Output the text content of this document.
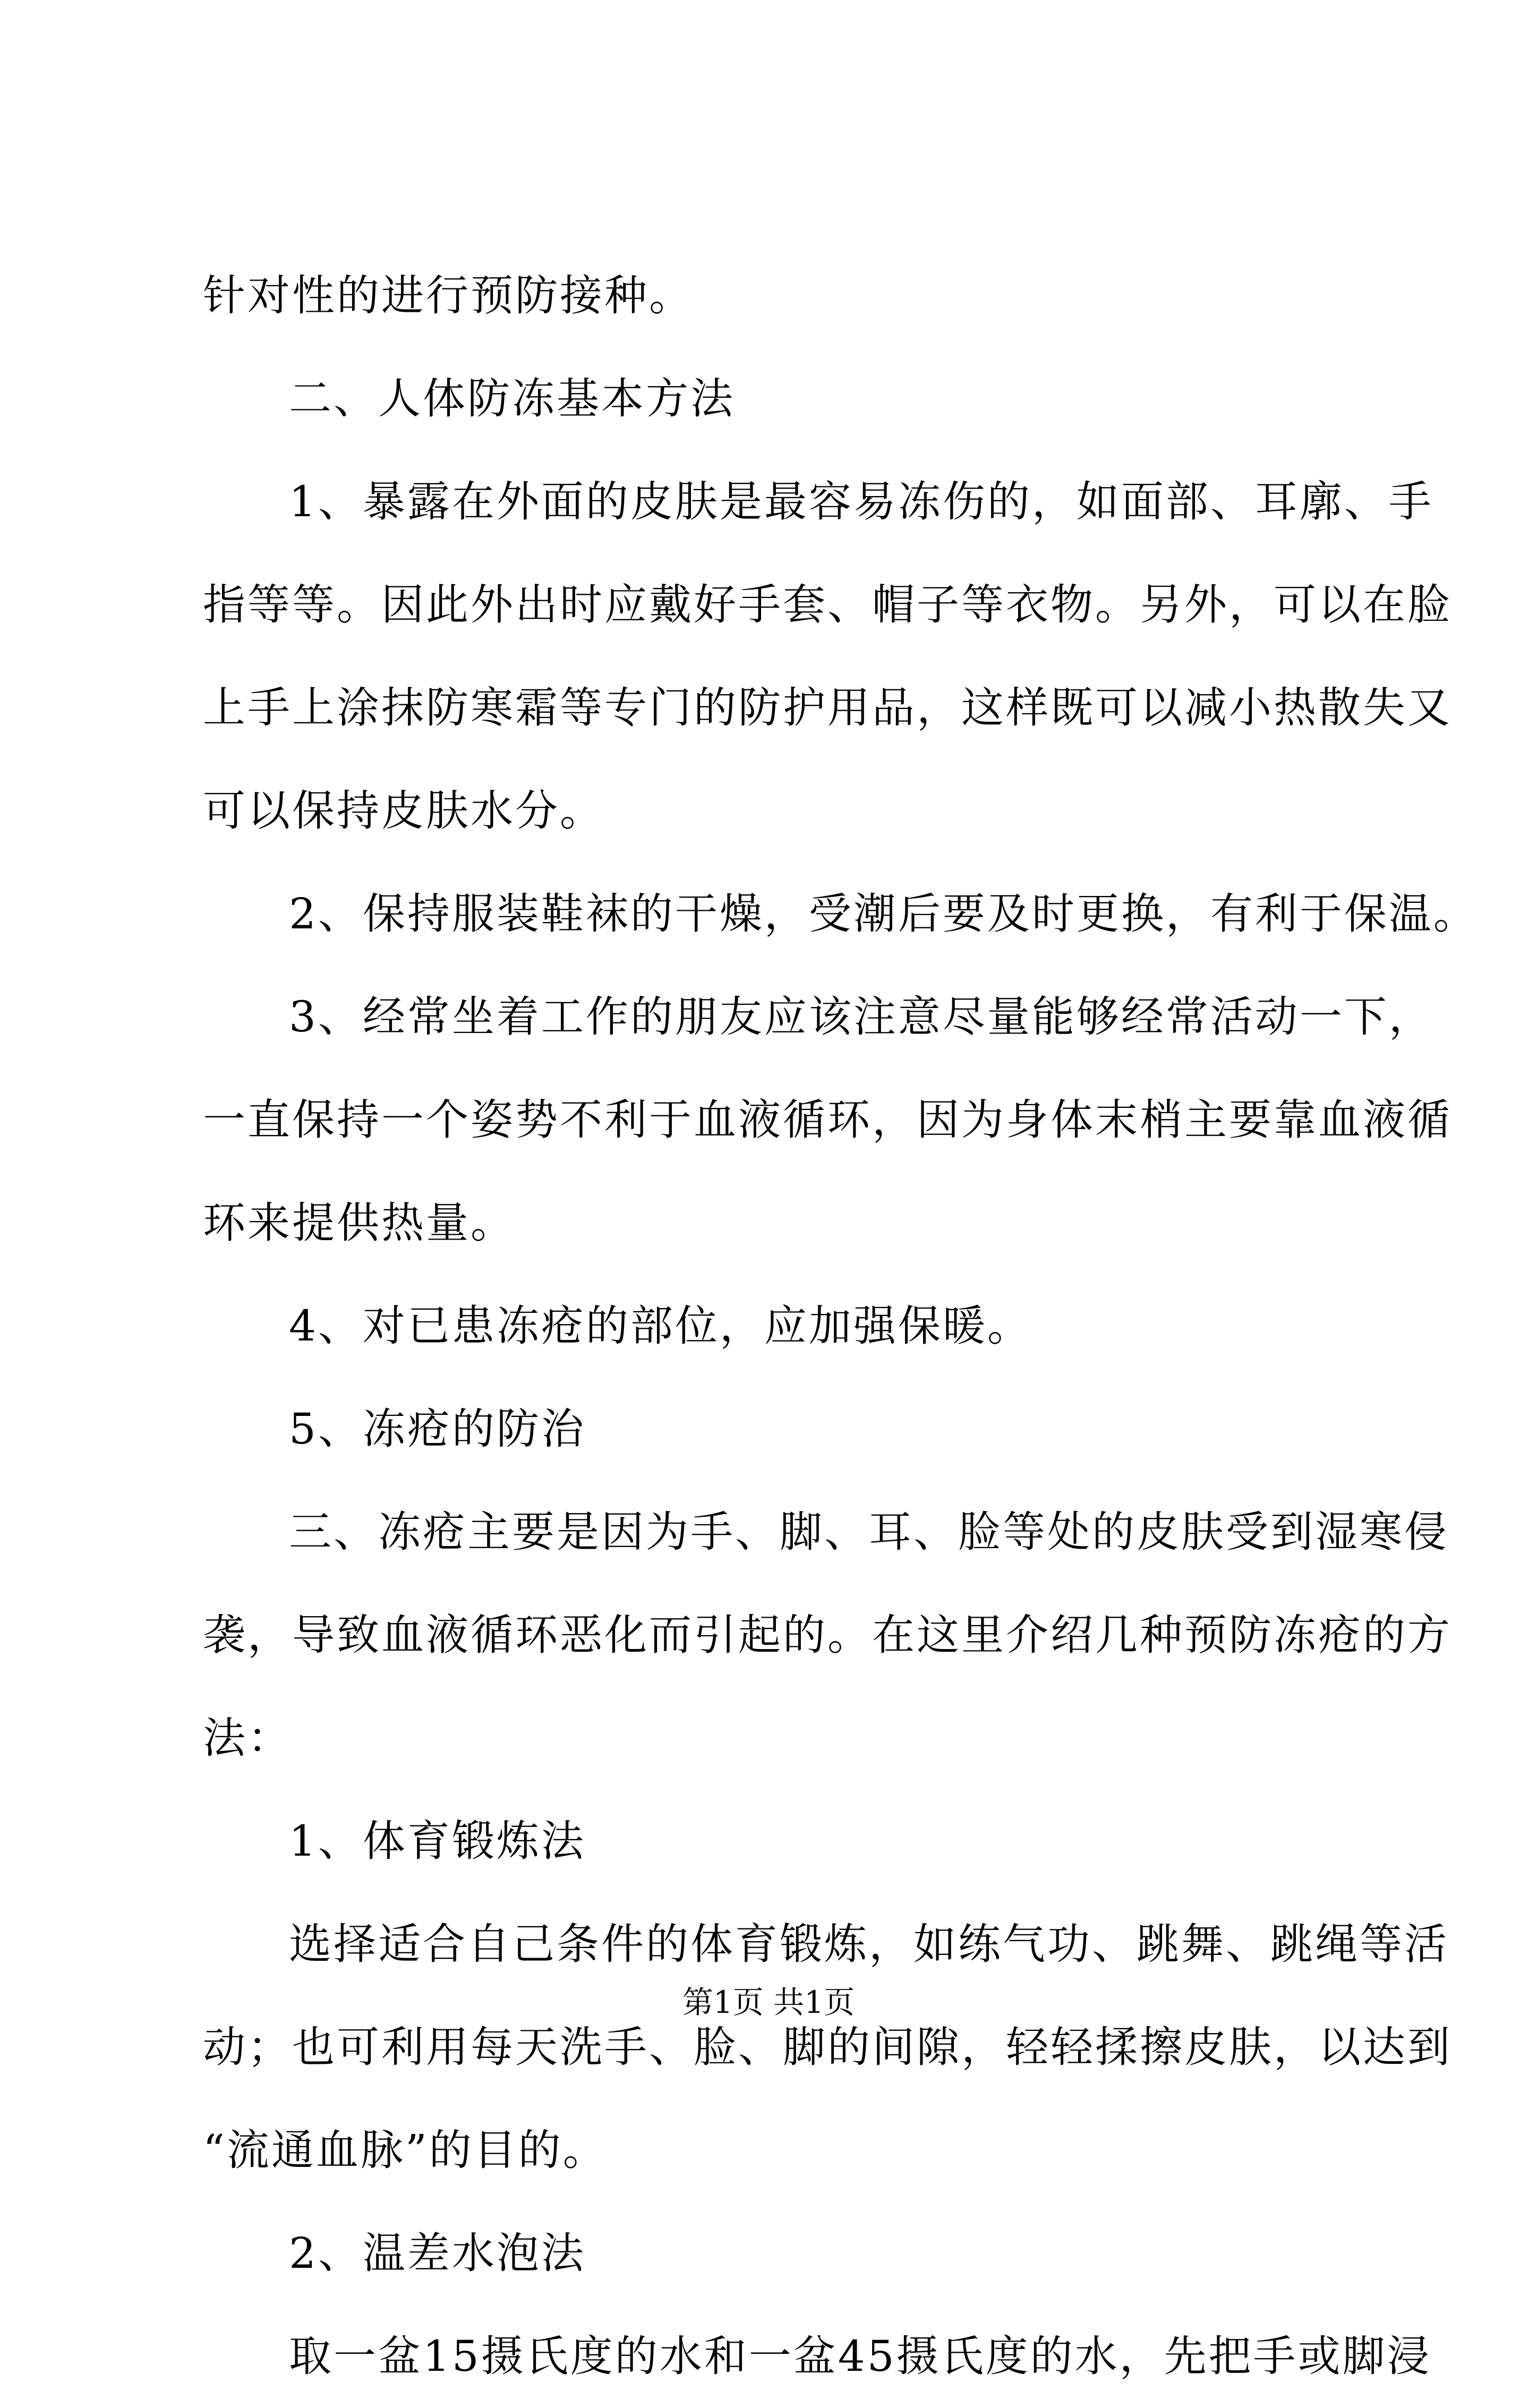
针对性的进行预防接种。
二、人体防冻基本方法
1、暴露在外面的皮肤是最容易冻伤的，如面部、耳廓、手
指等等。因此外出时应戴好手套、帽子等衣物。另外，可以在脸
上手上涂抹防寒霜等专门的防护用品，这样既可以减小热散失又
可以保持皮肤水分。
2、保持服装鞋袜的干燥，受潮后要及时更换，有利于保温。
3、经常坐着工作的朋友应该注意尽量能够经常活动一下，
一直保持一个姿势不利于血液循环，因为身体末梢主要靠血液循
环来提供热量。
4、对已患冻疮的部位，应加强保暖。
5、冻疮的防治
三、冻疮主要是因为手、脚、耳、脸等处的皮肤受到湿寒侵
袭，导致血液循环恶化而引起的。在这里介绍几种预防冻疮的方
法：
1、体育锻炼法
选择适合自己条件的体育锻炼，如练气功、跳舞、跳绳等活
动；也可利用每天洗手、脸、脚的间隙，轻轻揉擦皮肤，以达到
“流通血脉”的目的。
2、温差水泡法
取一盆15摄氏度的水和一盆45摄氏度的水，先把手或脚浸
第1页 共1页
